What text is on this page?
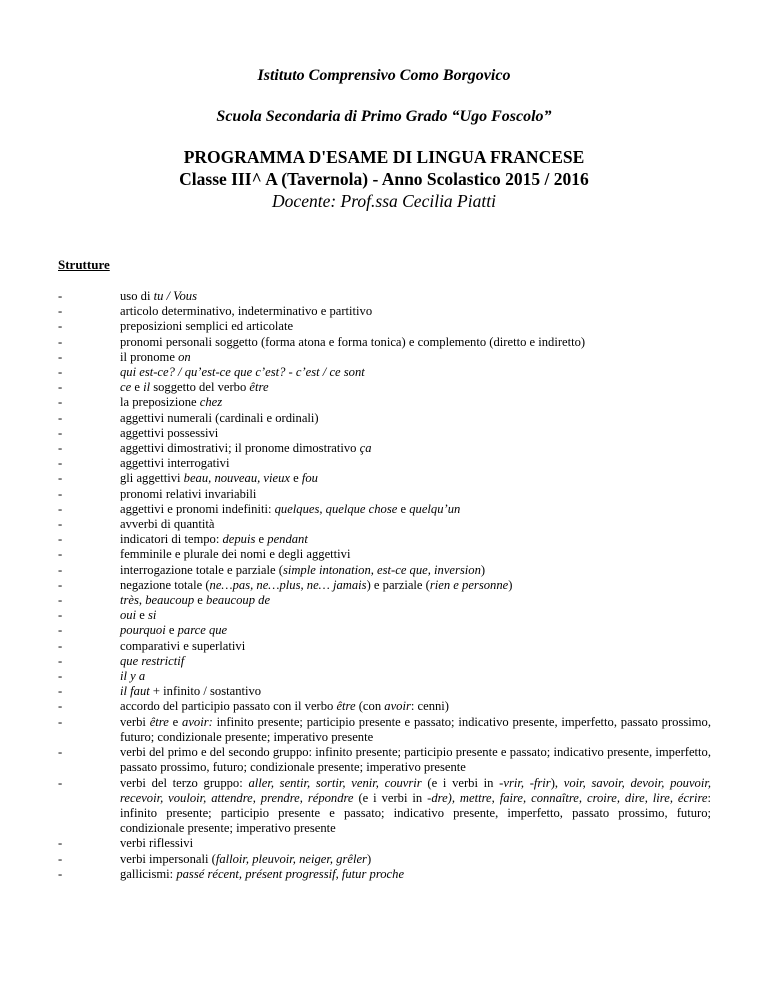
Istituto Comprensivo Como Borgovico
Scuola Secondaria di Primo Grado “Ugo Foscolo”
PROGRAMMA D'ESAME DI LINGUA FRANCESE
Classe III^ A (Tavernola) - Anno Scolastico 2015 / 2016
Docente: Prof.ssa Cecilia Piatti
Strutture
-	uso di tu / Vous
-	articolo determinativo, indeterminativo e partitivo
-	preposizioni semplici ed articolate
-	pronomi personali soggetto (forma atona e forma tonica) e complemento (diretto e indiretto)
-	il pronome on
-	qui est-ce? / qu’est-ce que c’est? - c’est / ce sont
-	ce e il soggetto del verbo être
-	la preposizione chez
-	aggettivi numerali (cardinali e ordinali)
-	aggettivi possessivi
-	aggettivi dimostrativi; il pronome dimostrativo ça
-	aggettivi interrogativi
-	gli aggettivi beau, nouveau, vieux e fou
-	pronomi relativi invariabili
-	aggettivi e pronomi indefiniti: quelques, quelque chose e quelqu’un
-	avverbi di quantità
-	indicatori di tempo: depuis e pendant
-	femminile e plurale dei nomi e degli aggettivi
-	interrogazione totale e parziale (simple intonation, est-ce que, inversion)
-	negazione totale (ne…pas, ne…plus, ne… jamais) e parziale (rien e personne)
-	très, beaucoup e beaucoup de
-	oui e si
-	pourquoi e parce que
-	comparativi e superlativi
-	que restrictif
-	il y a
-	il faut + infinito / sostantivo
-	accordo del participio passato con il verbo être (con avoir: cenni)
-	verbi être e avoir: infinito presente; participio presente e passato; indicativo presente, imperfetto, passato prossimo, futuro; condizionale presente; imperativo presente
-	verbi del primo e del secondo gruppo: infinito presente; participio presente e passato; indicativo presente, imperfetto, passato prossimo, futuro; condizionale presente; imperativo presente
-	verbi del terzo gruppo: aller, sentir, sortir, venir, couvrir (e i verbi in -vrir, -frir), voir, savoir, devoir, pouvoir, recevoir, vouloir, attendre, prendre, répondre (e i verbi in -dre), mettre, faire, connaître, croire, dire, lire, écrire: infinito presente; participio presente e passato; indicativo presente, imperfetto, passato prossimo, futuro; condizionale presente; imperativo presente
-	verbi riflessivi
-	verbi impersonali (falloir, pleuvoir, neiger, grêler)
-	gallicismi: passé récent, présent progressif, futur proche
